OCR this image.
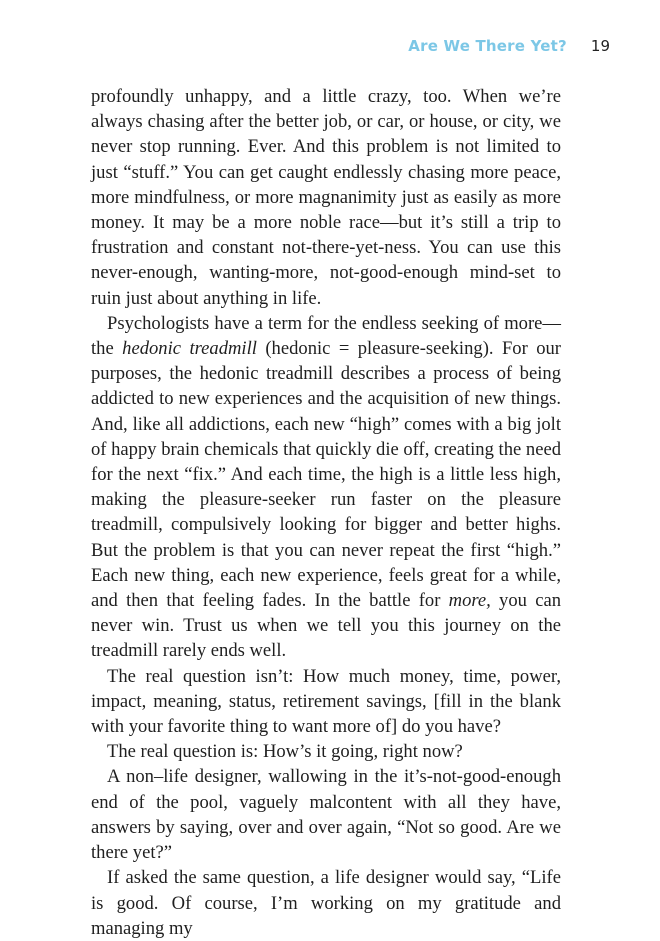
Are We There Yet? 19

profoundly unhappy, and a little crazy, too. When we’re always chasing after the better job, or car, or house, or city, we never stop running. Ever. And this problem is not limited to just “stuff.” You can get caught endlessly chasing more peace, more mindfulness, or more magnanimity just as easily as more money. It may be a more noble race—but it’s still a trip to frustration and constant not-there-yet-ness. You can use this never-enough, wanting-more, not-good-enough mind-set to ruin just about anything in life.

Psychologists have a term for the endless seeking of more—the hedonic treadmill (hedonic = pleasure-seeking). For our purposes, the hedonic treadmill describes a process of being addicted to new experiences and the acquisition of new things. And, like all addictions, each new “high” comes with a big jolt of happy brain chemicals that quickly die off, creating the need for the next “fix.” And each time, the high is a little less high, making the pleasure-seeker run faster on the pleasure treadmill, compulsively looking for bigger and better highs. But the problem is that you can never repeat the first “high.” Each new thing, each new experience, feels great for a while, and then that feeling fades. In the battle for more, you can never win. Trust us when we tell you this journey on the treadmill rarely ends well.

The real question isn’t: How much money, time, power, impact, meaning, status, retirement savings, [fill in the blank with your favorite thing to want more of] do you have?

The real question is: How’s it going, right now?

A non–life designer, wallowing in the it’s-not-good-enough end of the pool, vaguely malcontent with all they have, answers by saying, over and over again, “Not so good. Are we there yet?”

If asked the same question, a life designer would say, “Life is good. Of course, I’m working on my gratitude and managing my
